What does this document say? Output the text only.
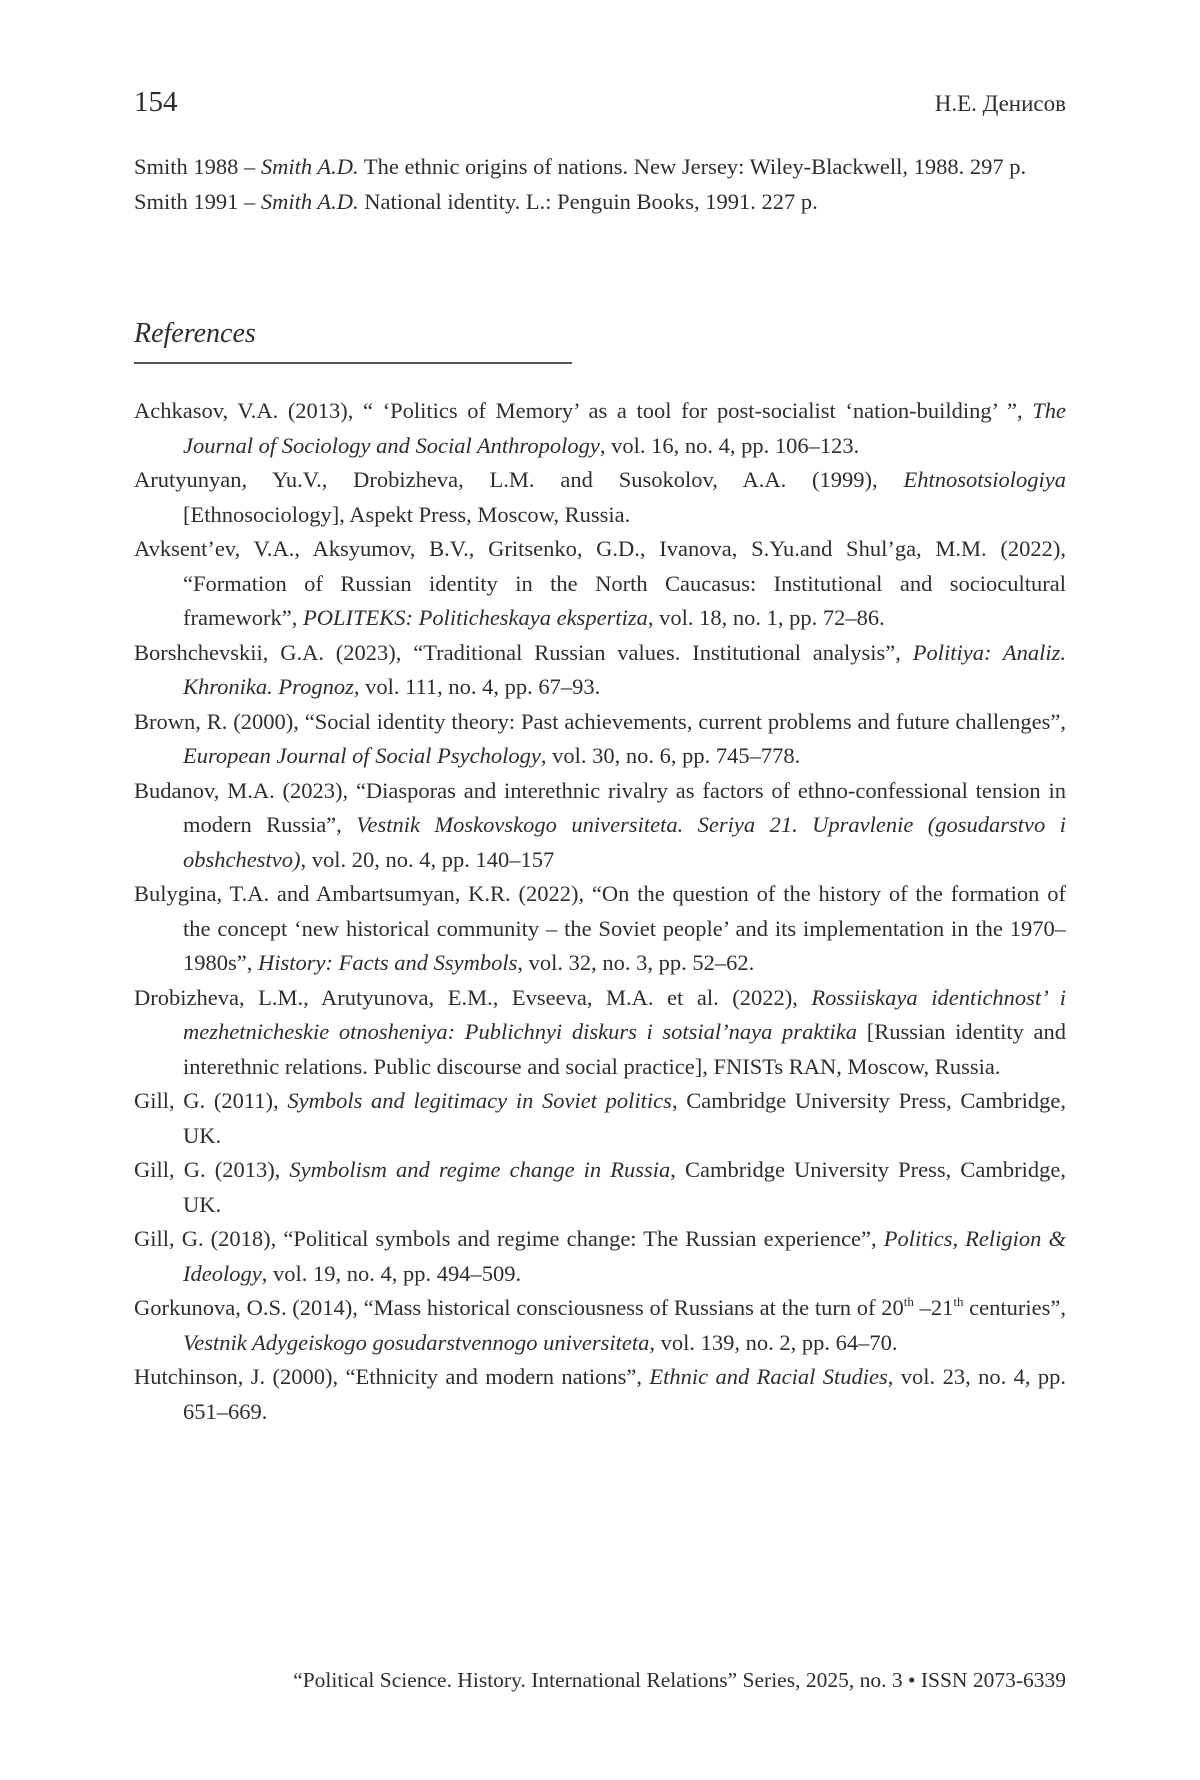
154	Н.Е. Денисов

Smith 1988 – Smith A.D. The ethnic origins of nations. New Jersey: Wiley-Blackwell, 1988. 297 p.

Smith 1991 – Smith A.D. National identity. L.: Penguin Books, 1991. 227 p.

References

Achkasov, V.A. (2013), “ ‘Politics of Memory’ as a tool for post-socialist ‘nation-building’ ”, The Journal of Sociology and Social Anthropology, vol. 16, no. 4, pp. 106–123.

Arutyunyan, Yu.V., Drobizheva, L.M. and Susokolov, A.A. (1999), Ehtnosotsiologiya [Ethnosociology], Aspekt Press, Moscow, Russia.

Avksent’ev, V.A., Aksyumov, B.V., Gritsenko, G.D., Ivanova, S.Yu.and Shul’ga, M.M. (2022), “Formation of Russian identity in the North Caucasus: Institutional and sociocultural framework”, POLITEKS: Politicheskaya ekspertiza, vol. 18, no. 1, pp. 72–86.

Borshchevskii, G.A. (2023), “Traditional Russian values. Institutional analysis”, Politiya: Analiz. Khronika. Prognoz, vol. 111, no. 4, pp. 67–93.

Brown, R. (2000), “Social identity theory: Past achievements, current problems and future challenges”, European Journal of Social Psychology, vol. 30, no. 6, pp. 745–778.

Budanov, M.A. (2023), “Diasporas and interethnic rivalry as factors of ethno-confessional tension in modern Russia”, Vestnik Moskovskogo universiteta. Seriya 21. Upravlenie (gosudarstvo i obshchestvo), vol. 20, no. 4, pp. 140–157

Bulygina, T.A. and Ambartsumyan, K.R. (2022), “On the question of the history of the formation of the concept ‘new historical community – the Soviet people’ and its implementation in the 1970–1980s”, History: Facts and Ssymbols, vol. 32, no. 3, pp. 52–62.

Drobizheva, L.M., Arutyunova, E.M., Evseeva, M.A. et al. (2022), Rossiiskaya identichnost’ i mezhetnicheskie otnosheniya: Publichnyi diskurs i sotsial’naya praktika [Russian identity and interethnic relations. Public discourse and social practice], FNISTs RAN, Moscow, Russia.

Gill, G. (2011), Symbols and legitimacy in Soviet politics, Cambridge University Press, Cambridge, UK.

Gill, G. (2013), Symbolism and regime change in Russia, Cambridge University Press, Cambridge, UK.

Gill, G. (2018), “Political symbols and regime change: The Russian experience”, Politics, Religion & Ideology, vol. 19, no. 4, pp. 494–509.

Gorkunova, O.S. (2014), “Mass historical consciousness of Russians at the turn of 20th –21th centuries”, Vestnik Adygeiskogo gosudarstvennogo universiteta, vol. 139, no. 2, pp. 64–70.

Hutchinson, J. (2000), “Ethnicity and modern nations”, Ethnic and Racial Studies, vol. 23, no. 4, pp. 651–669.

“Political Science. History. International Relations” Series, 2025, no. 3 • ISSN 2073-6339
